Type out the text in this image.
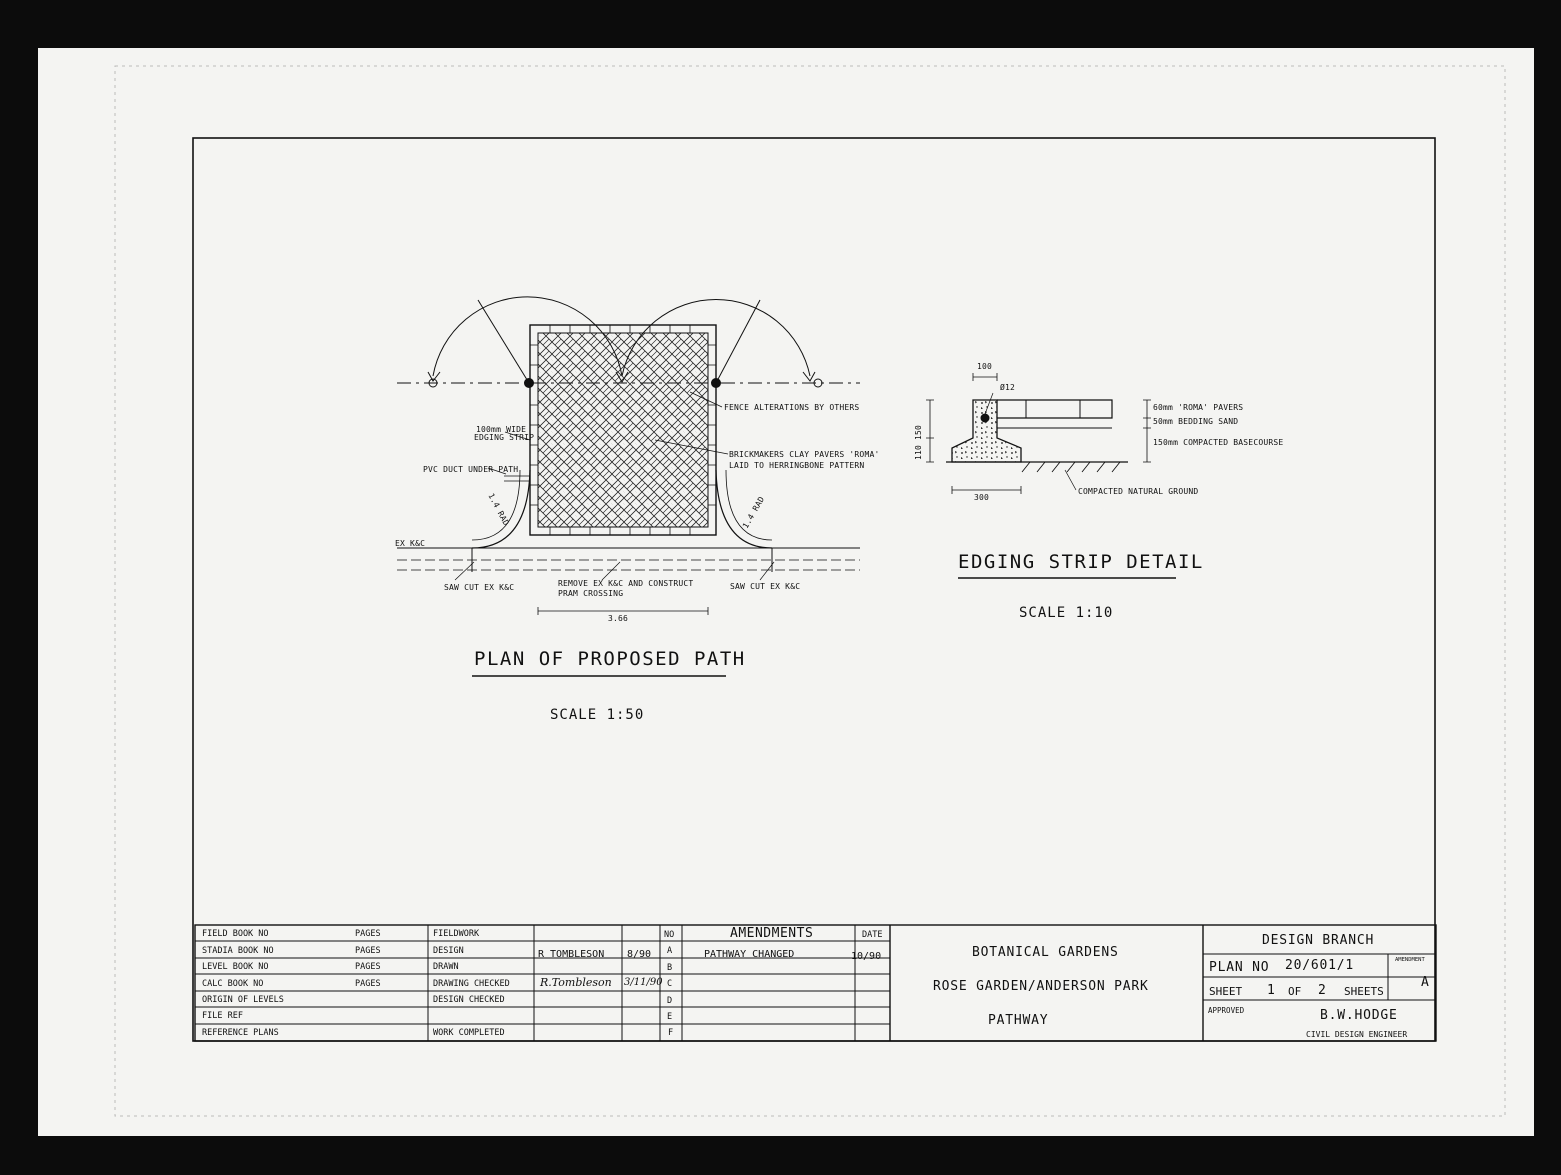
FENCE ALTERATIONS BY OTHERS
100mm WIDE
EDGING STRIP
BRICKMAKERS CLAY PAVERS 'ROMA'
LAID TO HERRINGBONE PATTERN
PVC DUCT UNDER PATH
1.4 RAD	1.4 RAD
EX K&C
SAW CUT EX K&C	SAW CUT EX K&C
REMOVE EX K&C AND CONSTRUCT
PRAM CROSSING
3.66
PLAN OF PROPOSED PATH
SCALE 1:50
100
150
110
300
Ø12
60mm 'ROMA' PAVERS
50mm BEDDING SAND
150mm COMPACTED BASECOURSE
COMPACTED NATURAL GROUND
EDGING STRIP DETAIL
SCALE 1:10
FIELD BOOK NO	PAGES	FIELDWORK
STADIA BOOK NO	PAGES	DESIGN	R TOMBLESON 8/90
LEVEL BOOK NO	PAGES	DRAWN
CALC BOOK NO	PAGES	DRAWING CHECKED	R.Tombleson 3/11/90
ORIGIN OF LEVELS	DESIGN CHECKED
FILE REF
REFERENCE PLANS	WORK COMPLETED
NO	AMENDMENTS	DATE
A	PATHWAY CHANGED	10/90
B
C
D
E
F
BOTANICAL GARDENS
ROSE GARDEN/ANDERSON PARK
PATHWAY
DESIGN BRANCH
PLAN NO 20/601/1	AMENDMENT
A
SHEET 1 OF 2 SHEETS
APPROVED	B.W.HODGE
CIVIL DESIGN ENGINEER
